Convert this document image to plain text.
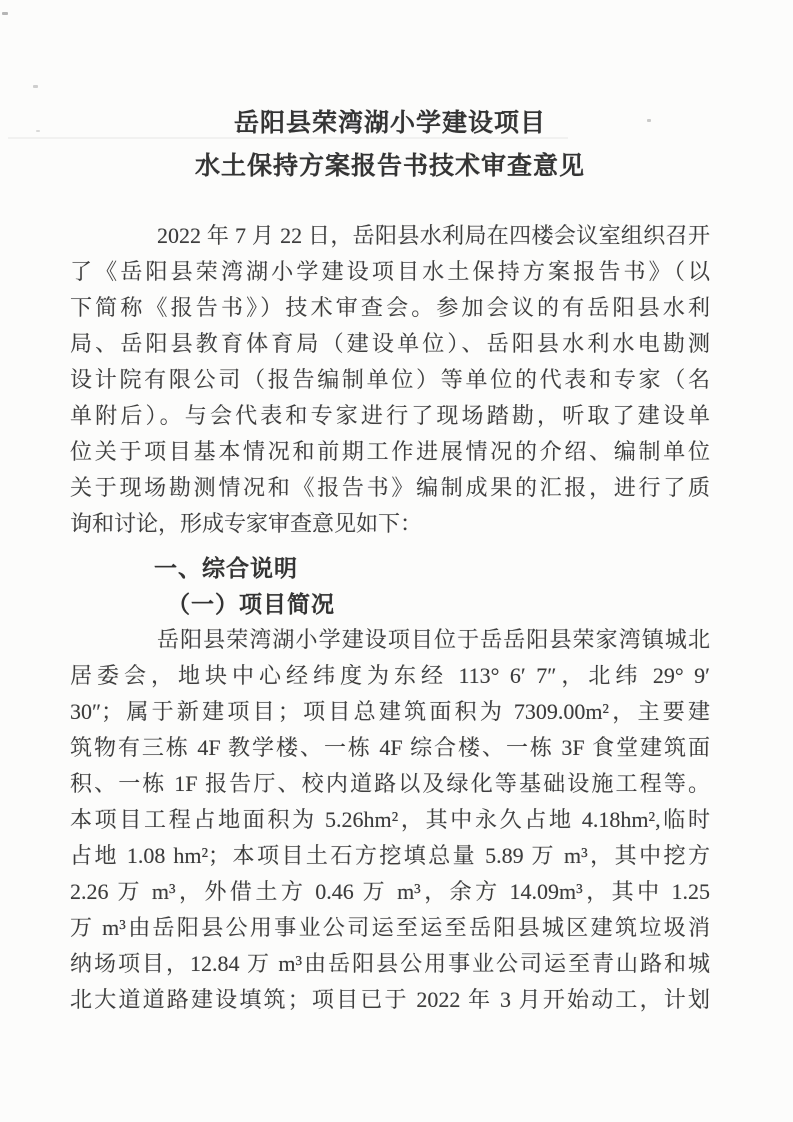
岳阳县荣湾湖小学建设项目
水土保持方案报告书技术审查意见
2022 年 7 月 22 日，岳阳县水利局在四楼会议室组织召开
了《岳阳县荣湾湖小学建设项目水土保持方案报告书》（以
下简称《报告书》）技术审查会。参加会议的有岳阳县水利
局、岳阳县教育体育局（建设单位）、岳阳县水利水电勘测
设计院有限公司（报告编制单位）等单位的代表和专家（名
单附后）。与会代表和专家进行了现场踏勘，听取了建设单
位关于项目基本情况和前期工作进展情况的介绍、编制单位
关于现场勘测情况和《报告书》编制成果的汇报，进行了质
询和讨论，形成专家审查意见如下：
一、综合说明
（一）项目简况
岳阳县荣湾湖小学建设项目位于岳岳阳县荣家湾镇城北
居委会，地块中心经纬度为东经 113° 6′ 7″，北纬 29° 9′
30″；属于新建项目；项目总建筑面积为 7309.00m²，主要建
筑物有三栋 4F 教学楼、一栋 4F 综合楼、一栋 3F 食堂建筑面
积、一栋 1F 报告厅、校内道路以及绿化等基础设施工程等。
本项目工程占地面积为 5.26hm²，其中永久占地 4.18hm²,临时
占地 1.08 hm²；本项目土石方挖填总量 5.89 万 m³，其中挖方
2.26 万 m³，外借土方 0.46 万 m³，余方 14.09m³，其中 1.25
万 m³由岳阳县公用事业公司运至运至岳阳县城区建筑垃圾消
纳场项目，12.84 万 m³由岳阳县公用事业公司运至青山路和城
北大道道路建设填筑；项目已于 2022 年 3 月开始动工，计划
